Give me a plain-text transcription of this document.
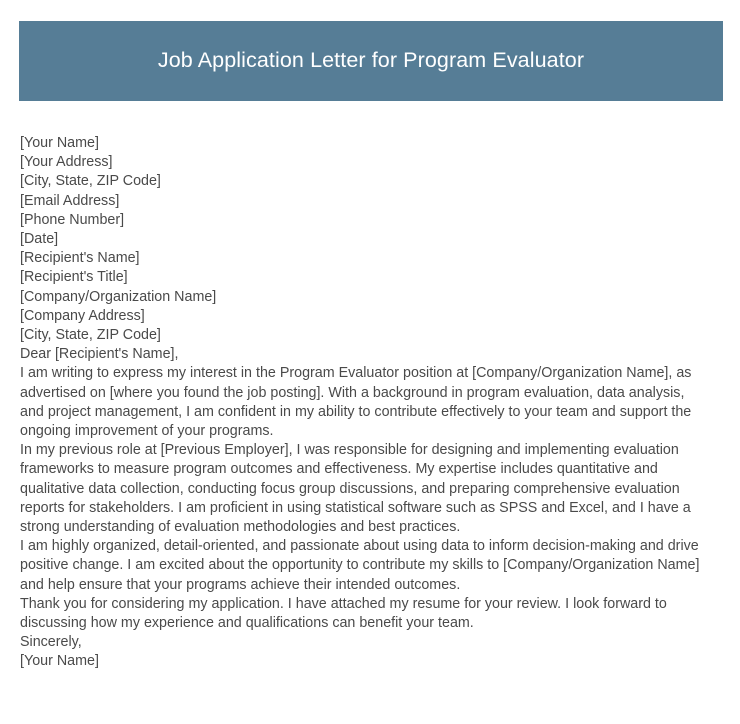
Job Application Letter for Program Evaluator
[Your Name]
[Your Address]
[City, State, ZIP Code]
[Email Address]
[Phone Number]
[Date]
[Recipient's Name]
[Recipient's Title]
[Company/Organization Name]
[Company Address]
[City, State, ZIP Code]
Dear [Recipient's Name],
I am writing to express my interest in the Program Evaluator position at [Company/Organization Name], as advertised on [where you found the job posting]. With a background in program evaluation, data analysis, and project management, I am confident in my ability to contribute effectively to your team and support the ongoing improvement of your programs.
In my previous role at [Previous Employer], I was responsible for designing and implementing evaluation frameworks to measure program outcomes and effectiveness. My expertise includes quantitative and qualitative data collection, conducting focus group discussions, and preparing comprehensive evaluation reports for stakeholders. I am proficient in using statistical software such as SPSS and Excel, and I have a strong understanding of evaluation methodologies and best practices.
I am highly organized, detail-oriented, and passionate about using data to inform decision-making and drive positive change. I am excited about the opportunity to contribute my skills to [Company/Organization Name] and help ensure that your programs achieve their intended outcomes.
Thank you for considering my application. I have attached my resume for your review. I look forward to discussing how my experience and qualifications can benefit your team.
Sincerely,
[Your Name]
